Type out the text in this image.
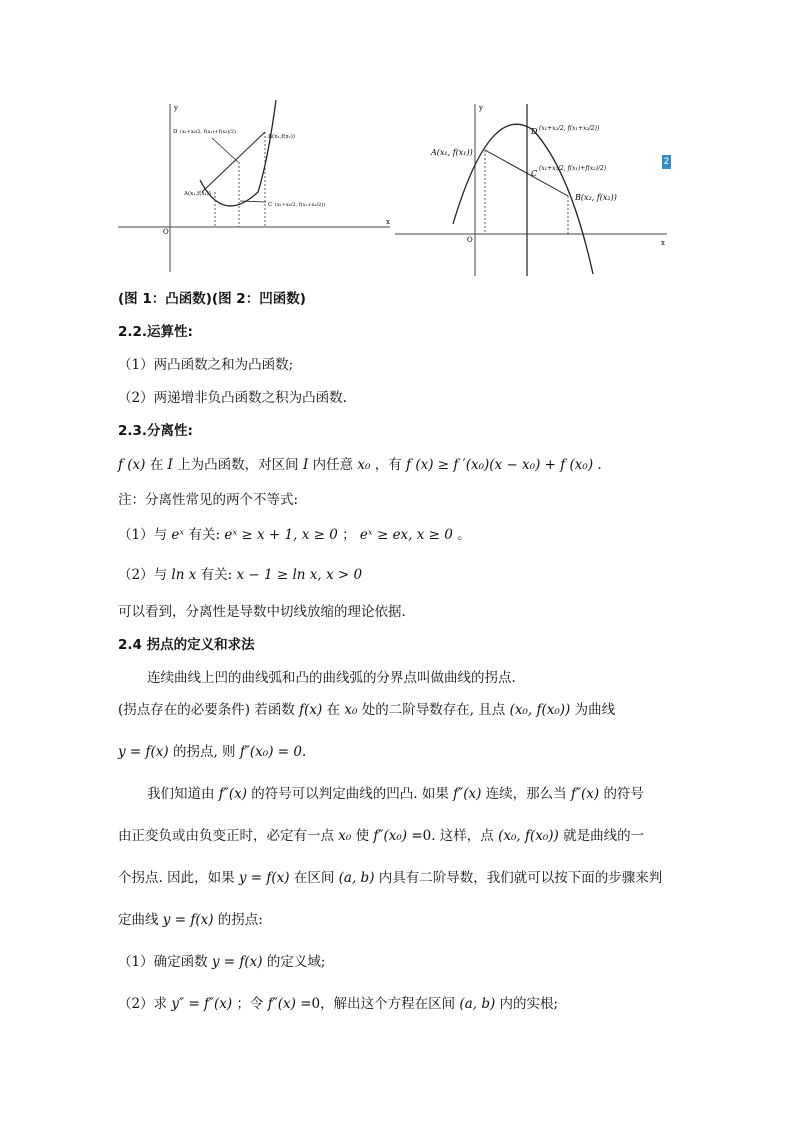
y
x
O
D (x₁+x₂/2, f(x₁)+f(x₂)/2)
B(x₂,f(x₂))
A(x₁,f(x₁))
C (x₁+x₂/2, f(x₁+x₂/2))
y
x
O
A(x₁, f(x₁))
D (x₁+x₂/2, f(x₁+x₂/2))
C
(x₁+x₂/2, f(x₁)+f(x₂)/2)
B(x₂, f(x₂))
2
(图 1：凸函数)(图 2：凹函数)
2.2.运算性:
（1）两凸函数之和为凸函数;
（2）两递增非负凸函数之积为凸函数.
2.3.分离性:
f (x) 在 I 上为凸函数，对区间 I 内任意 x₀ ，有 f (x) ≥ f ′(x₀)(x − x₀) + f (x₀) .
注：分离性常见的两个不等式:
（1）与 eˣ 有关: eˣ ≥ x + 1, x ≥ 0 ； eˣ ≥ ex, x ≥ 0 。
（2）与 ln x 有关: x − 1 ≥ ln x, x > 0
可以看到，分离性是导数中切线放缩的理论依据.
2.4 拐点的定义和求法
连续曲线上凹的曲线弧和凸的曲线弧的分界点叫做曲线的拐点.
(拐点存在的必要条件) 若函数 f(x) 在 x₀ 处的二阶导数存在, 且点 (x₀, f(x₀)) 为曲线
y = f(x) 的拐点, 则 f″(x₀) = 0.
我们知道由 f″(x) 的符号可以判定曲线的凹凸. 如果 f″(x) 连续，那么当 f″(x) 的符号
由正变负或由负变正时，必定有一点 x₀ 使 f″(x₀) =0. 这样，点 (x₀, f(x₀)) 就是曲线的一
个拐点. 因此，如果 y = f(x) 在区间 (a, b) 内具有二阶导数，我们就可以按下面的步骤来判
定曲线 y = f(x) 的拐点:
（1）确定函数 y = f(x) 的定义域;
（2）求 y″ = f″(x) ；令 f″(x) =0，解出这个方程在区间 (a, b) 内的实根;
